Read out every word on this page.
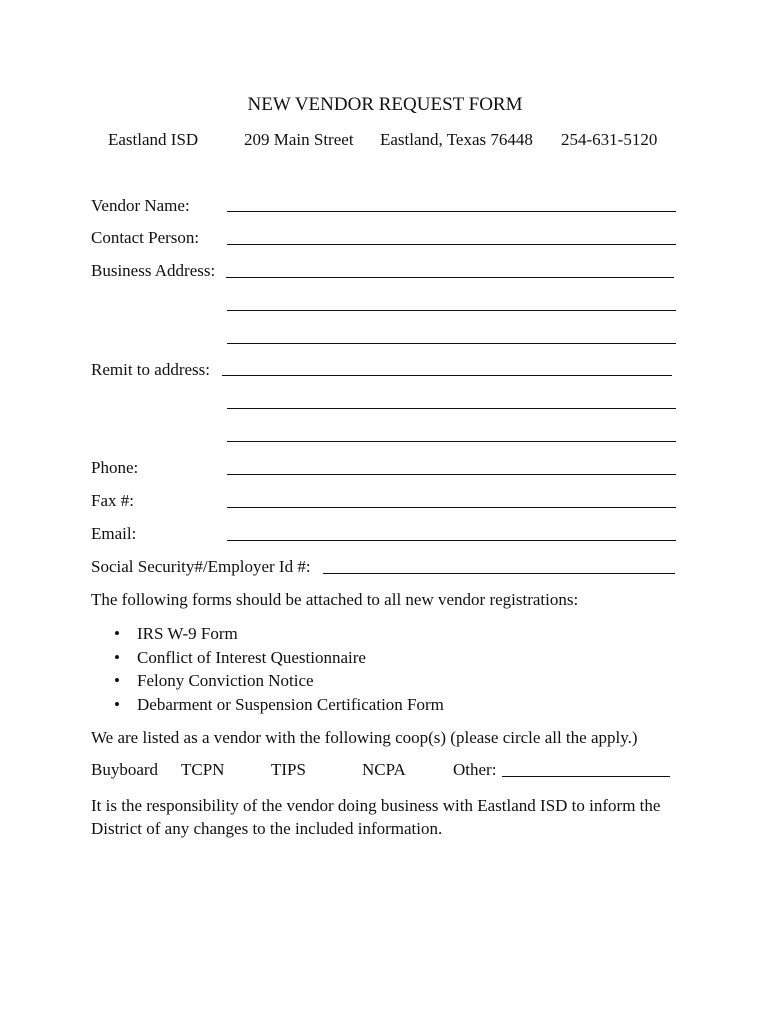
NEW VENDOR REQUEST FORM
Eastland ISD	209 Main Street Eastland, Texas 76448 254-631-5120
Vendor Name:
Contact Person:
Business Address:
Remit to address:
Phone:
Fax #:
Email:
Social Security#/Employer Id #:
The following forms should be attached to all new vendor registrations:
• IRS W-9 Form
• Conflict of Interest Questionnaire
• Felony Conviction Notice
• Debarment or Suspension Certification Form
We are listed as a vendor with the following coop(s) (please circle all the apply.)
Buyboard TCPN	TIPS	NCPA	Other:
It is the responsibility of the vendor doing business with Eastland ISD to inform the District of any changes to the included information.
